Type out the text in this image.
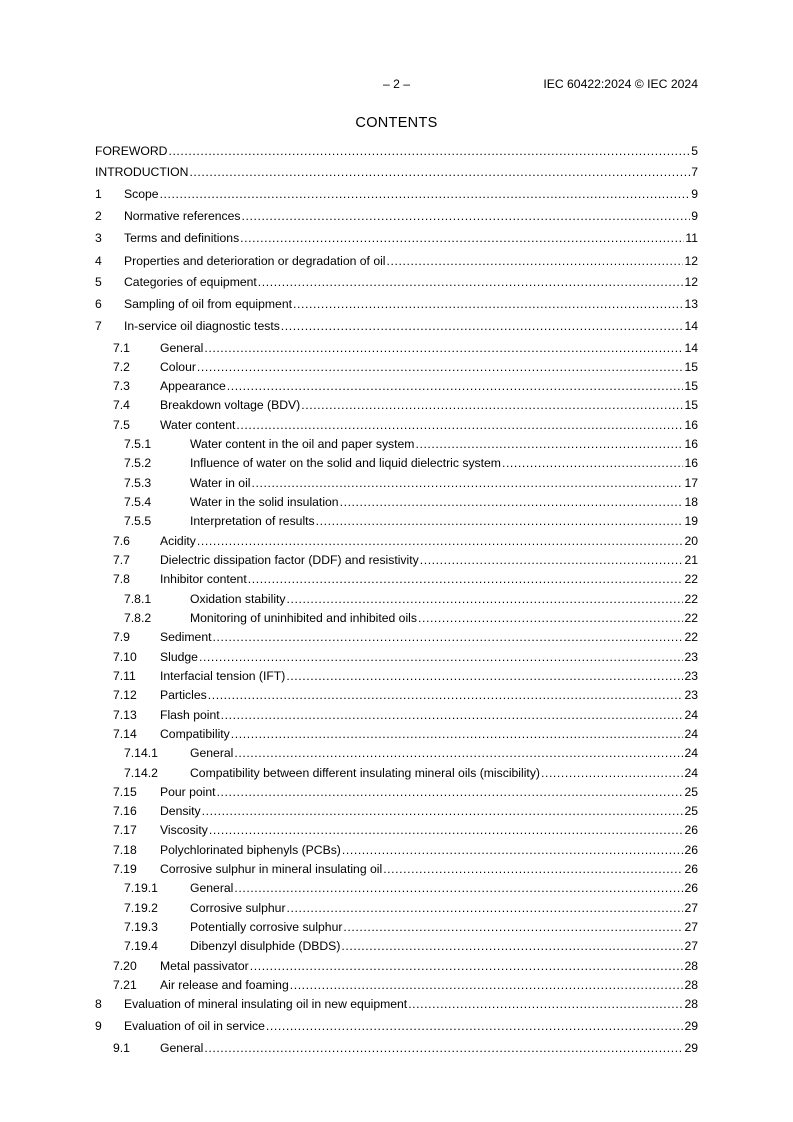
– 2 –	IEC 60422:2024 © IEC 2024
CONTENTS
FOREWORD .....	5
INTRODUCTION .....	7
1	Scope .....	9
2	Normative references .....	9
3	Terms and definitions .....	11
4	Properties and deterioration or degradation of oil .....	12
5	Categories of equipment .....	12
6	Sampling of oil from equipment .....	13
7	In-service oil diagnostic tests .....	14
7.1	General .....	14
7.2	Colour .....	15
7.3	Appearance .....	15
7.4	Breakdown voltage (BDV) .....	15
7.5	Water content .....	16
7.5.1	Water content in the oil and paper system .....	16
7.5.2	Influence of water on the solid and liquid dielectric system .....	16
7.5.3	Water in oil .....	17
7.5.4	Water in the solid insulation .....	18
7.5.5	Interpretation of results .....	19
7.6	Acidity .....	20
7.7	Dielectric dissipation factor (DDF) and resistivity .....	21
7.8	Inhibitor content .....	22
7.8.1	Oxidation stability .....	22
7.8.2	Monitoring of uninhibited and inhibited oils .....	22
7.9	Sediment .....	22
7.10	Sludge .....	23
7.11	Interfacial tension (IFT) .....	23
7.12	Particles .....	23
7.13	Flash point .....	24
7.14	Compatibility .....	24
7.14.1	General .....	24
7.14.2	Compatibility between different insulating mineral oils (miscibility) .....	24
7.15	Pour point .....	25
7.16	Density .....	25
7.17	Viscosity .....	26
7.18	Polychlorinated biphenyls (PCBs) .....	26
7.19	Corrosive sulphur in mineral insulating oil .....	26
7.19.1	General .....	26
7.19.2	Corrosive sulphur .....	27
7.19.3	Potentially corrosive sulphur .....	27
7.19.4	Dibenzyl disulphide (DBDS) .....	27
7.20	Metal passivator .....	28
7.21	Air release and foaming .....	28
8	Evaluation of mineral insulating oil in new equipment .....	28
9	Evaluation of oil in service .....	29
9.1	General .....	29
